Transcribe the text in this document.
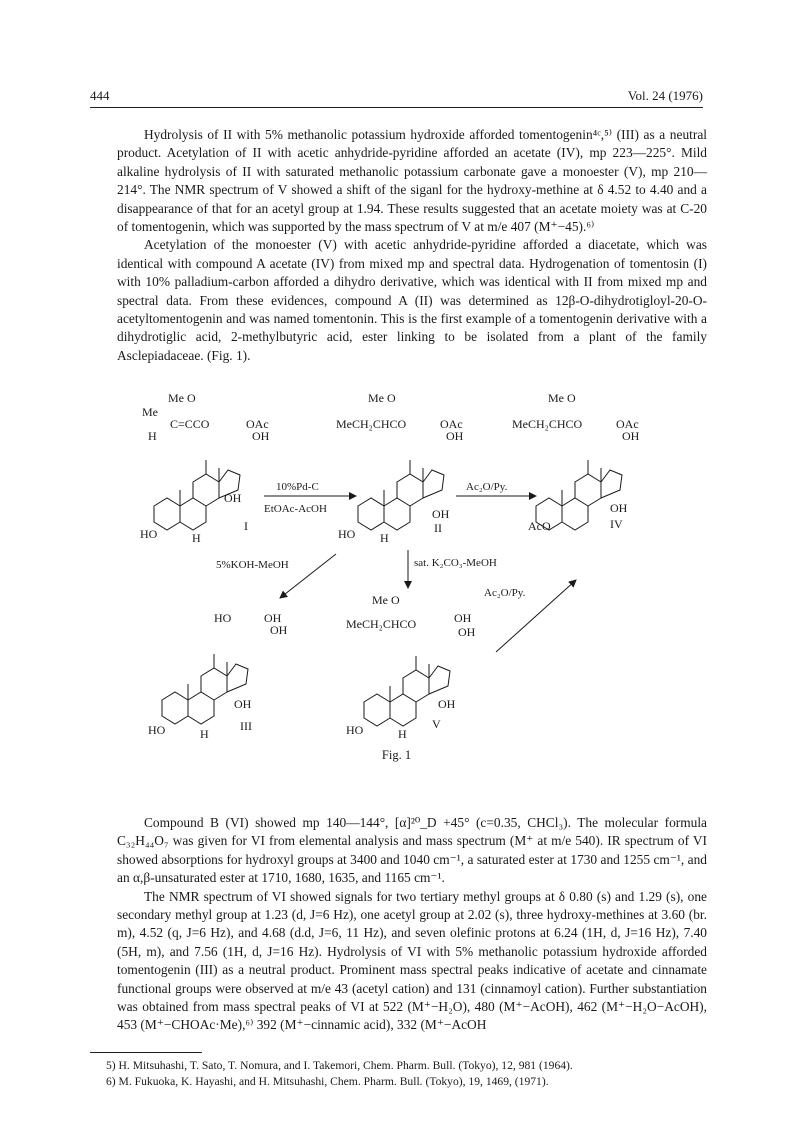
444	Vol. 24 (1976)

Hydrolysis of II with 5% methanolic potassium hydroxide afforded tomentogenin⁴ᶜ,⁵⁾ (III) as a neutral product. Acetylation of II with acetic anhydride-pyridine afforded an acetate (IV), mp 223—225°. Mild alkaline hydrolysis of II with saturated methanolic potassium carbonate gave a monoester (V), mp 210—214°. The NMR spectrum of V showed a shift of the siganl for the hydroxy-methine at δ 4.52 to 4.40 and a disappearance of that for an acetyl group at 1.94. These results suggested that an acetate moiety was at C-20 of tomentogenin, which was supported by the mass spectrum of V at m/e 407 (M⁺−45).⁶⁾

Acetylation of the monoester (V) with acetic anhydride-pyridine afforded a diacetate, which was identical with compound A acetate (IV) from mixed mp and spectral data. Hydrogenation of tomentosin (I) with 10% palladium-carbon afforded a dihydro derivative, which was identical with II from mixed mp and spectral data. From these evidences, compound A (II) was determined as 12β-O-dihydrotigloyl-20-O-acetyltomentogenin and was named tomentonin. This is the first example of a tomentogenin derivative with a dihydrotiglic acid, 2-methylbutyric acid, ester linking to be isolated from a plant of the family Asclepiadaceae. (Fig. 1).

Me O
Me
C=CCO
H
OAc
OH
OH
HO	H
I
10%Pd-C
EtOAc-AcOH
Me O
MeCH₂CHCO	OAc
OH
OH
HO H
II
Ac₂O/Py.
Me O
MeCH₂CHCO	OAc
OH
OH
AcO	IV
5%KOH-MeOH	sat. K₂CO₃-MeOH
Ac₂O/Py.
HO	OH
OH
OH
HO	H
III
Me O
MeCH₂CHCO	OH
OH
OH
HO	H
V
Fig. 1

Compound B (VI) showed mp 140—144°, [α]²⁰_D +45° (c=0.35, CHCl₃). The molecular formula C₃₂H₄₄O₇ was given for VI from elemental analysis and mass spectrum (M⁺ at m/e 540). IR spectrum of VI showed absorptions for hydroxyl groups at 3400 and 1040 cm⁻¹, a saturated ester at 1730 and 1255 cm⁻¹, and an α,β-unsaturated ester at 1710, 1680, 1635, and 1165 cm⁻¹.

The NMR spectrum of VI showed signals for two tertiary methyl groups at δ 0.80 (s) and 1.29 (s), one secondary methyl group at 1.23 (d, J=6 Hz), one acetyl group at 2.02 (s), three hydroxy-methines at 3.60 (br. m), 4.52 (q, J=6 Hz), and 4.68 (d.d, J=6, 11 Hz), and seven olefinic protons at 6.24 (1H, d, J=16 Hz), 7.40 (5H, m), and 7.56 (1H, d, J=16 Hz). Hydrolysis of VI with 5% methanolic potassium hydroxide afforded tomentogenin (III) as a neutral product. Prominent mass spectral peaks indicative of acetate and cinnamate functional groups were observed at m/e 43 (acetyl cation) and 131 (cinnamoyl cation). Further substantiation was obtained from mass spectral peaks of VI at 522 (M⁺−H₂O), 480 (M⁺−AcOH), 462 (M⁺−H₂O−AcOH), 453 (M⁺−CHOAc·Me),⁶⁾ 392 (M⁺−cinnamic acid), 332 (M⁺−AcOH

5) H. Mitsuhashi, T. Sato, T. Nomura, and I. Takemori, Chem. Pharm. Bull. (Tokyo), 12, 981 (1964).
6) M. Fukuoka, K. Hayashi, and H. Mitsuhashi, Chem. Pharm. Bull. (Tokyo), 19, 1469, (1971).
